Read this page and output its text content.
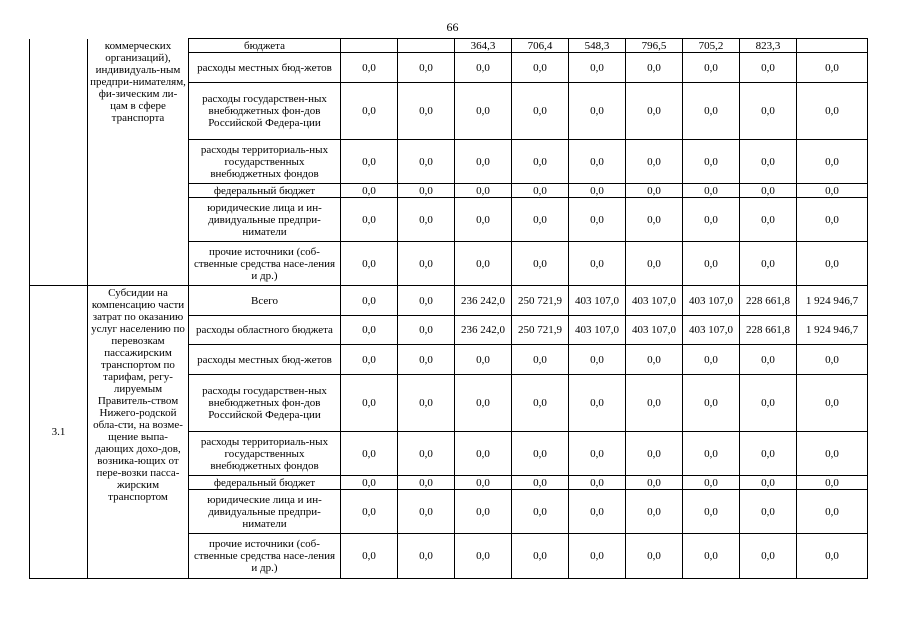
66
	коммерческих организаций), индивидуаль-ным предпри-нимателям, фи-зическим ли-цам в сфере транспорта	бюджета			364,3	706,4	548,3	796,5	705,2	823,3	
		расходы местных бюд-жетов	0,0	0,0	0,0	0,0	0,0	0,0	0,0	0,0	0,0
		расходы государствен-ных внебюджетных фон-дов Российской Федера-ции	0,0	0,0	0,0	0,0	0,0	0,0	0,0	0,0	0,0
		расходы территориаль-ных государственных внебюджетных фондов	0,0	0,0	0,0	0,0	0,0	0,0	0,0	0,0	0,0
		федеральный бюджет	0,0	0,0	0,0	0,0	0,0	0,0	0,0	0,0	0,0
		юридические лица и ин-дивидуальные предпри-ниматели	0,0	0,0	0,0	0,0	0,0	0,0	0,0	0,0	0,0
		прочие источники (соб-ственные средства насе-ления и др.)	0,0	0,0	0,0	0,0	0,0	0,0	0,0	0,0	0,0
3.1	Субсидии на компенсацию части затрат по оказанию услуг населению по перевозкам пассажирским транспортом по тарифам, регу-лируемым Правитель-ством Нижего-родской обла-сти, на возме-щение выпа-дающих дохо-дов, возника-ющих от пере-возки пасса-жирским транспортом	Всего	0,0	0,0	236 242,0	250 721,9	403 107,0	403 107,0	403 107,0	228 661,8	1 924 946,7
		расходы областного бюджета	0,0	0,0	236 242,0	250 721,9	403 107,0	403 107,0	403 107,0	228 661,8	1 924 946,7
		расходы местных бюд-жетов	0,0	0,0	0,0	0,0	0,0	0,0	0,0	0,0	0,0
		расходы государствен-ных внебюджетных фон-дов Российской Федера-ции	0,0	0,0	0,0	0,0	0,0	0,0	0,0	0,0	0,0
		расходы территориаль-ных государственных внебюджетных фондов	0,0	0,0	0,0	0,0	0,0	0,0	0,0	0,0	0,0
		федеральный бюджет	0,0	0,0	0,0	0,0	0,0	0,0	0,0	0,0	0,0
		юридические лица и ин-дивидуальные предпри-ниматели	0,0	0,0	0,0	0,0	0,0	0,0	0,0	0,0	0,0
		прочие источники (соб-ственные средства насе-ления и др.)	0,0	0,0	0,0	0,0	0,0	0,0	0,0	0,0	0,0
